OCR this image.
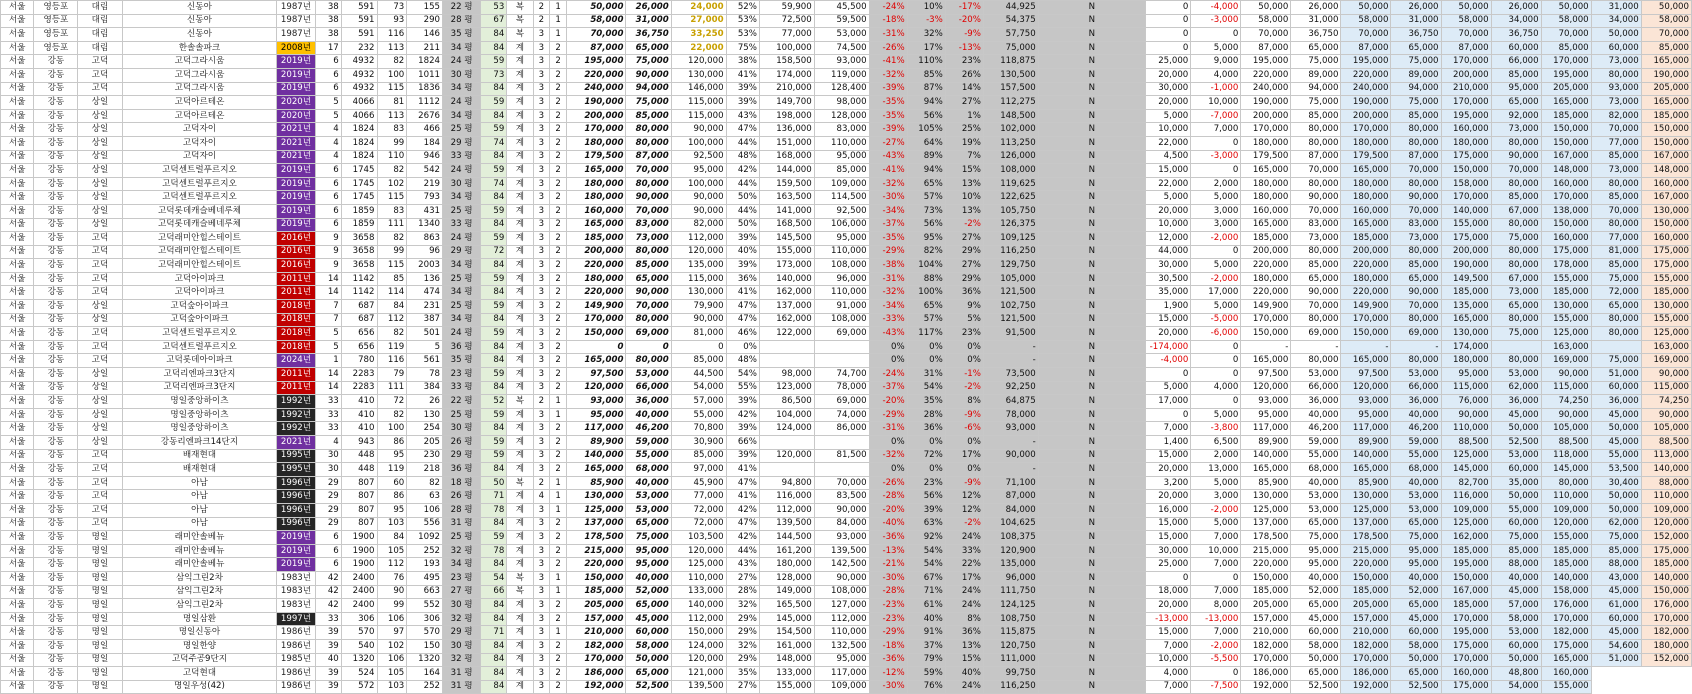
서울	영등포	대림	신동아	1987년	38	591	73	155	22 평	53	복	2	1	50,000	26,000	24,000	52%	59,900	45,500	-24%	10%	-17%	44,925	N	0	-4,000	50,000	26,000	50,000	26,000	50,000	26,000	50,000	31,000	50,000
서울	영등포	대림	신동아	1987년	38	591	93	290	28 평	67	복	2	1	58,000	31,000	27,000	53%	72,500	59,500	-18%	-3%	-20%	54,375	N	0	-3,000	58,000	31,000	58,000	31,000	58,000	34,000	58,000	34,000	58,000
서울	영등포	대림	신동아	1987년	38	591	116	146	35 평	84	복	3	1	70,000	36,750	33,250	53%	77,000	53,000	-31%	32%	-9%	57,750	N	0	0	70,000	36,750	70,000	36,750	70,000	36,750	70,000	50,000	70,000
서울	영등포	대림	한솔솔파크	2008년	17	232	113	211	34 평	84	계	3	2	87,000	65,000	22,000	75%	100,000	74,500	-26%	17%	-13%	75,000	N	0	5,000	87,000	65,000	87,000	65,000	87,000	60,000	85,000	60,000	85,000
서울	강동	고덕	고덕그라시움	2019년	6	4932	82	1824	24 평	59	계	3	2	195,000	75,000	120,000	38%	158,500	93,000	-41%	110%	23%	118,875	N	25,000	9,000	195,000	75,000	195,000	75,000	170,000	66,000	170,000	73,000	165,000
서울	강동	고덕	고덕그라시움	2019년	6	4932	100	1011	30 평	73	계	3	2	220,000	90,000	130,000	41%	174,000	119,000	-32%	85%	26%	130,500	N	20,000	4,000	220,000	89,000	220,000	89,000	200,000	85,000	195,000	80,000	190,000
서울	강동	고덕	고덕그라시움	2019년	6	4932	115	1836	34 평	84	계	3	2	240,000	94,000	146,000	39%	210,000	128,400	-39%	87%	14%	157,500	N	30,000	-1,000	240,000	94,000	240,000	94,000	210,000	95,000	205,000	93,000	205,000
서울	강동	상일	고덕아르테온	2020년	5	4066	81	1112	24 평	59	계	3	2	190,000	75,000	115,000	39%	149,700	98,000	-35%	94%	27%	112,275	N	20,000	10,000	190,000	75,000	190,000	75,000	170,000	65,000	165,000	73,000	165,000
서울	강동	상일	고덕아르테온	2020년	5	4066	113	2676	34 평	84	계	3	2	200,000	85,000	115,000	43%	198,000	128,000	-35%	56%	1%	148,500	N	5,000	-7,000	200,000	85,000	200,000	85,000	195,000	92,000	185,000	82,000	185,000
서울	강동	상일	고덕자이	2021년	4	1824	83	466	25 평	59	계	3	2	170,000	80,000	90,000	47%	136,000	83,000	-39%	105%	25%	102,000	N	10,000	7,000	170,000	80,000	170,000	80,000	160,000	73,000	150,000	70,000	150,000
서울	강동	상일	고덕자이	2021년	4	1824	99	184	29 평	74	계	3	2	180,000	80,000	100,000	44%	151,000	110,000	-27%	64%	19%	113,250	N	22,000	0	180,000	80,000	180,000	80,000	180,000	80,000	150,000	77,000	150,000
서울	강동	상일	고덕자이	2021년	4	1824	110	946	33 평	84	계	3	2	179,500	87,000	92,500	48%	168,000	95,000	-43%	89%	7%	126,000	N	4,500	-3,000	179,500	87,000	179,500	87,000	175,000	90,000	167,000	85,000	167,000
서울	강동	상일	고덕센트럴푸르지오	2019년	6	1745	82	542	24 평	59	계	3	2	165,000	70,000	95,000	42%	144,000	85,000	-41%	94%	15%	108,000	N	15,000	0	165,000	70,000	165,000	70,000	150,000	70,000	148,000	73,000	148,000
서울	강동	상일	고덕센트럴푸르지오	2019년	6	1745	102	219	30 평	74	계	3	2	180,000	80,000	100,000	44%	159,500	109,000	-32%	65%	13%	119,625	N	22,000	2,000	180,000	80,000	180,000	80,000	158,000	80,000	160,000	80,000	160,000
서울	강동	상일	고덕센트럴푸르지오	2019년	6	1745	115	793	34 평	84	계	3	2	180,000	90,000	90,000	50%	163,500	114,500	-30%	57%	10%	122,625	N	5,000	5,000	180,000	90,000	180,000	90,000	170,000	85,000	170,000	85,000	167,000
서울	강동	상일	고덕롯데캐슬베네루체	2019년	6	1859	83	431	25 평	59	계	3	2	160,000	70,000	90,000	44%	141,000	92,500	-34%	73%	13%	105,750	N	20,000	3,000	160,000	70,000	160,000	70,000	140,000	67,000	138,000	70,000	130,000
서울	강동	상일	고덕롯데캐슬베네루체	2019년	6	1859	111	1340	33 평	84	계	3	2	165,000	83,000	82,000	50%	168,500	106,000	-37%	56%	-2%	126,375	N	10,000	3,000	165,000	83,000	165,000	83,000	155,000	80,000	150,000	80,000	150,000
서울	강동	고덕	고덕래미안힐스테이트	2016년	9	3658	82	863	24 평	59	계	3	2	185,000	73,000	112,000	39%	145,500	95,000	-35%	95%	27%	109,125	N	12,000	-2,000	185,000	73,000	185,000	73,000	175,000	75,000	160,000	77,000	160,000
서울	강동	고덕	고덕래미안힐스테이트	2016년	9	3658	99	96	29 평	72	계	3	2	200,000	80,000	120,000	40%	155,000	110,000	-29%	82%	29%	116,250	N	44,000	0	200,000	80,000	200,000	80,000	200,000	80,000	175,000	81,000	175,000
서울	강동	고덕	고덕래미안힐스테이트	2016년	9	3658	115	2003	34 평	84	계	3	2	220,000	85,000	135,000	39%	173,000	108,000	-38%	104%	27%	129,750	N	30,000	5,000	220,000	85,000	220,000	85,000	190,000	80,000	178,000	85,000	175,000
서울	강동	고덕	고덕아이파크	2011년	14	1142	85	136	25 평	59	계	3	2	180,000	65,000	115,000	36%	140,000	96,000	-31%	88%	29%	105,000	N	30,500	-2,000	180,000	65,000	180,000	65,000	149,500	67,000	155,000	75,000	155,000
서울	강동	고덕	고덕아이파크	2011년	14	1142	114	474	34 평	84	계	3	2	220,000	90,000	130,000	41%	162,000	110,000	-32%	100%	36%	121,500	N	35,000	17,000	220,000	90,000	220,000	90,000	185,000	73,000	185,000	72,000	185,000
서울	강동	상일	고덕숲아이파크	2018년	7	687	84	231	25 평	59	계	3	2	149,900	70,000	79,900	47%	137,000	91,000	-34%	65%	9%	102,750	N	1,900	5,000	149,900	70,000	149,900	70,000	135,000	65,000	130,000	65,000	130,000
서울	강동	상일	고덕숲아이파크	2018년	7	687	112	387	34 평	84	계	3	2	170,000	80,000	90,000	47%	162,000	108,000	-33%	57%	5%	121,500	N	15,000	-5,000	170,000	80,000	170,000	80,000	165,000	80,000	155,000	80,000	155,000
서울	강동	고덕	고덕센트럴푸르지오	2018년	5	656	82	501	24 평	59	계	3	2	150,000	69,000	81,000	46%	122,000	69,000	-43%	117%	23%	91,500	N	20,000	-6,000	150,000	69,000	150,000	69,000	130,000	75,000	125,000	80,000	125,000
서울	강동	고덕	고덕센트럴푸르지오	2018년	5	656	119	5	36 평	84	계	3	2	0	0	0	0%			0%	0%	0%	-	N	-174,000	0	-	-	-	-	174,000		163,000		163,000
서울	강동	고덕	고덕롯데아이파크	2024년	1	780	116	561	35 평	84	계	3	2	165,000	80,000	85,000	48%			0%	0%	0%	-	N	-4,000	0	165,000	80,000	165,000	80,000	180,000	80,000	169,000	75,000	169,000
서울	강동	상일	고덕리엔파크3단지	2011년	14	2283	79	78	23 평	59	계	3	2	97,500	53,000	44,500	54%	98,000	74,700	-24%	31%	-1%	73,500	N	0	0	97,500	53,000	97,500	53,000	95,000	53,000	90,000	51,000	90,000
서울	강동	상일	고덕리엔파크3단지	2011년	14	2283	111	384	33 평	84	계	3	2	120,000	66,000	54,000	55%	123,000	78,000	-37%	54%	-2%	92,250	N	5,000	4,000	120,000	66,000	120,000	66,000	115,000	62,000	115,000	60,000	115,000
서울	강동	상일	명일중앙하이츠	1992년	33	410	72	26	22 평	52	복	2	1	93,000	36,000	57,000	39%	86,500	69,000	-20%	35%	8%	64,875	N	17,000	0	93,000	36,000	93,000	36,000	76,000	36,000	74,250	36,000	74,250
서울	강동	상일	명일중앙하이츠	1992년	33	410	82	130	25 평	59	계	3	1	95,000	40,000	55,000	42%	104,000	74,000	-29%	28%	-9%	78,000	N	0	5,000	95,000	40,000	95,000	40,000	90,000	45,000	90,000	45,000	90,000
서울	강동	상일	명일중앙하이츠	1992년	33	410	100	254	30 평	84	계	3	2	117,000	46,200	70,800	39%	124,000	86,000	-31%	36%	-6%	93,000	N	7,000	-3,800	117,000	46,200	117,000	46,200	110,000	50,000	105,000	50,000	105,000
서울	강동	상일	강동리엔파크14단지	2021년	4	943	86	205	26 평	59	계	3	2	89,900	59,000	30,900	66%			0%	0%	0%	-	N	1,400	6,500	89,900	59,000	89,900	59,000	88,500	52,500	88,500	45,000	88,500
서울	강동	고덕	배재현대	1995년	30	448	95	230	29 평	59	계	3	2	140,000	55,000	85,000	39%	120,000	81,500	-32%	72%	17%	90,000	N	15,000	2,000	140,000	55,000	140,000	55,000	125,000	53,000	118,000	55,000	113,000
서울	강동	고덕	배재현대	1995년	30	448	119	218	36 평	84	계	3	2	165,000	68,000	97,000	41%			0%	0%	0%	-	N	20,000	13,000	165,000	68,000	165,000	68,000	145,000	60,000	145,000	53,500	140,000
서울	강동	고덕	아남	1996년	29	807	60	82	18 평	50	복	2	1	85,900	40,000	45,900	47%	94,800	70,000	-26%	23%	-9%	71,100	N	3,200	5,000	85,900	40,000	85,900	40,000	82,700	35,000	80,000	30,400	88,000
서울	강동	고덕	아남	1996년	29	807	86	63	26 평	71	계	4	1	130,000	53,000	77,000	41%	116,000	83,500	-28%	56%	12%	87,000	N	20,000	3,000	130,000	53,000	130,000	53,000	116,000	50,000	110,000	50,000	110,000
서울	강동	고덕	아남	1996년	29	807	95	106	28 평	78	계	3	1	125,000	53,000	72,000	42%	112,000	90,000	-20%	39%	12%	84,000	N	16,000	-2,000	125,000	53,000	125,000	53,000	109,000	55,000	109,000	50,000	109,000
서울	강동	고덕	아남	1996년	29	807	103	556	31 평	84	계	3	2	137,000	65,000	72,000	47%	139,500	84,000	-40%	63%	-2%	104,625	N	15,000	5,000	137,000	65,000	137,000	65,000	125,000	60,000	120,000	62,000	120,000
서울	강동	명일	래미안솔베뉴	2019년	6	1900	84	1092	25 평	59	계	3	2	178,500	75,000	103,500	42%	144,500	93,000	-36%	92%	24%	108,375	N	15,000	7,000	178,500	75,000	178,500	75,000	162,000	75,000	155,000	75,000	152,000
서울	강동	명일	래미안솔베뉴	2019년	6	1900	105	252	32 평	78	계	3	2	215,000	95,000	120,000	44%	161,200	139,500	-13%	54%	33%	120,900	N	30,000	10,000	215,000	95,000	215,000	95,000	185,000	85,000	185,000	85,000	175,000
서울	강동	명일	래미안솔베뉴	2019년	6	1900	112	193	34 평	84	계	3	2	220,000	95,000	125,000	43%	180,000	142,500	-21%	54%	22%	135,000	N	25,000	7,000	220,000	95,000	220,000	95,000	195,000	88,000	185,000	88,000	185,000
서울	강동	명일	삼익그린2차	1983년	42	2400	76	495	23 평	54	복	3	1	150,000	40,000	110,000	27%	128,000	90,000	-30%	67%	17%	96,000	N	0	0	150,000	40,000	150,000	40,000	150,000	40,000	140,000	43,000	140,000
서울	강동	명일	삼익그린2차	1983년	42	2400	90	663	27 평	66	복	3	1	185,000	52,000	133,000	28%	149,000	108,000	-28%	71%	24%	111,750	N	18,000	7,000	185,000	52,000	185,000	52,000	167,000	45,000	158,000	45,000	150,000
서울	강동	명일	삼익그린2차	1983년	42	2400	99	552	30 평	84	계	3	2	205,000	65,000	140,000	32%	165,500	127,000	-23%	61%	24%	124,125	N	20,000	8,000	205,000	65,000	205,000	65,000	185,000	57,000	176,000	61,000	176,000
서울	강동	명일	명일삼환	1997년	33	306	106	306	32 평	84	계	3	2	157,000	45,000	112,000	29%	145,000	112,000	-23%	40%	8%	108,750	N	-13,000	-13,000	157,000	45,000	157,000	45,000	170,000	58,000	170,000	60,000	170,000
서울	강동	명일	명일신동아	1986년	39	570	97	570	29 평	71	계	3	1	210,000	60,000	150,000	29%	154,500	110,000	-29%	91%	36%	115,875	N	15,000	7,000	210,000	60,000	210,000	60,000	195,000	53,000	182,000	45,000	182,000
서울	강동	명일	명일한양	1986년	39	540	102	150	30 평	84	계	3	2	182,000	58,000	124,000	32%	161,000	132,500	-18%	37%	13%	120,750	N	7,000	-2,000	182,000	58,000	182,000	58,000	175,000	60,000	175,000	54,600	180,000
서울	강동	명일	고덕주공9단지	1985년	40	1320	106	1320	32 평	84	계	3	2	170,000	50,000	120,000	29%	148,000	95,000	-36%	79%	15%	111,000	N	10,000	-5,500	170,000	50,000	170,000	50,000	170,000	50,000	165,000	51,000	152,000
서울	강동	명일	고덕현대	1986년	39	524	105	164	31 평	84	계	3	2	186,000	65,000	121,000	35%	133,000	117,000	-12%	59%	40%	99,750	N	4,000	0	186,000	65,000	186,000	65,000	160,000	48,800	160,000		
서울	강동	명일	명일우성(42)	1986년	39	572	103	252	31 평	84	계	3	2	192,000	52,500	139,500	27%	155,000	109,000	-30%	76%	24%	116,250	N	7,000	-7,500	192,000	52,500	192,000	52,500	175,000	54,000	155,000		
